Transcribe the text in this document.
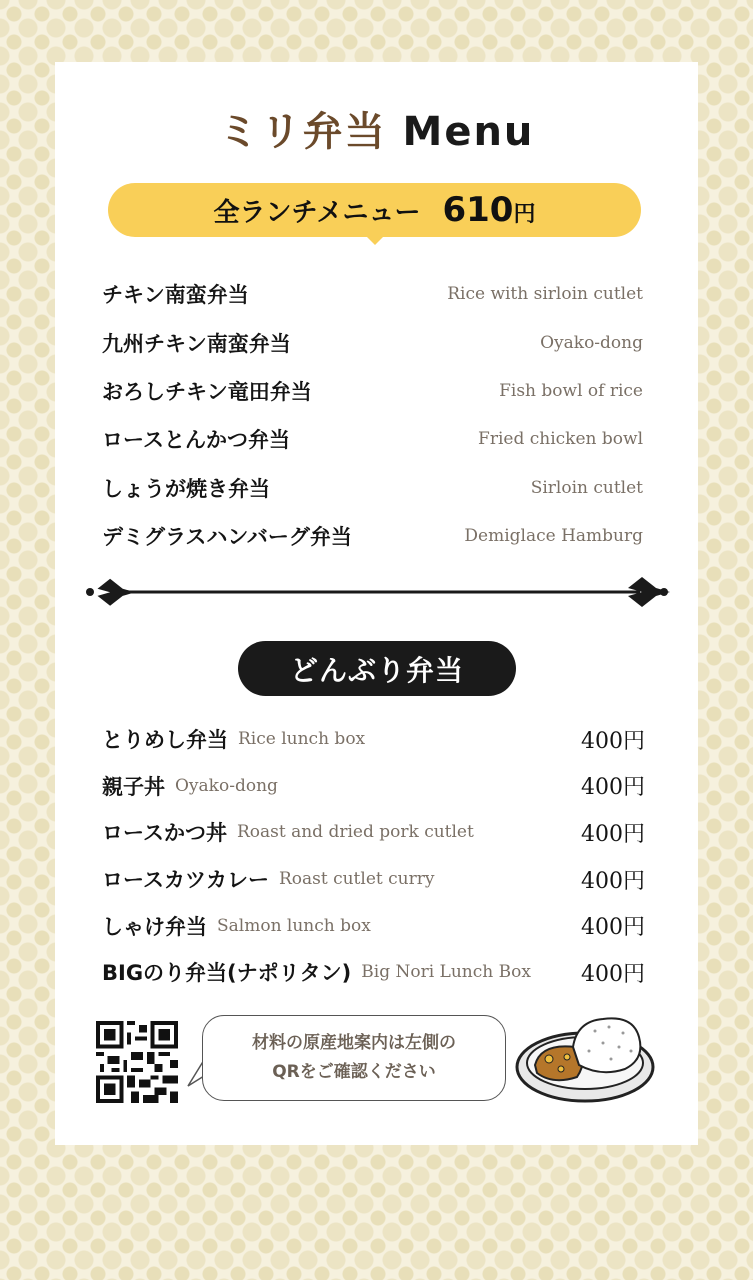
ミリ弁当 Menu
全ランチメニュー 610円
チキン南蛮弁当	Rice with sirloin cutlet
九州チキン南蛮弁当	Oyako-dong
おろしチキン竜田弁当	Fish bowl of rice
ロースとんかつ弁当	Fried chicken bowl
しょうが焼き弁当	Sirloin cutlet
デミグラスハンバーグ弁当	Demiglace Hamburg
どんぶり弁当
とりめし弁当 Rice lunch box	400円
親子丼 Oyako-dong	400円
ロースかつ丼 Roast and dried pork cutlet	400円
ロースカツカレー Roast cutlet curry	400円
しゃけ弁当 Salmon lunch box	400円
BIGのり弁当(ナポリタン) Big Nori Lunch Box 400円
材料の原産地案内は左側の
QRをご確認ください
